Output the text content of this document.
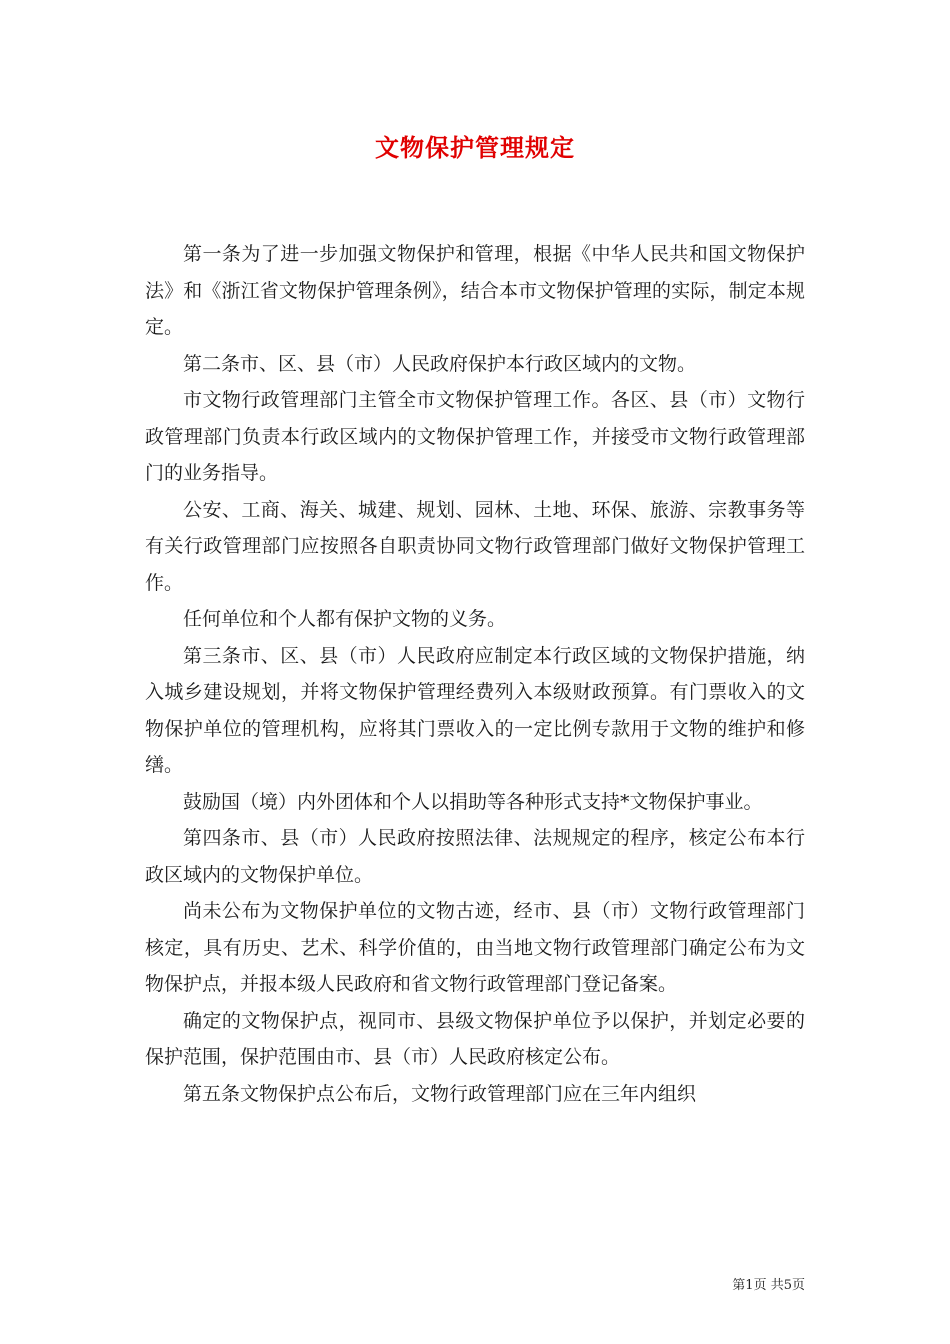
文物保护管理规定

第一条为了进一步加强文物保护和管理，根据《中华人民共和国文物保护法》和《浙江省文物保护管理条例》，结合本市文物保护管理的实际，制定本规定。

第二条市、区、县（市）人民政府保护本行政区域内的文物。

市文物行政管理部门主管全市文物保护管理工作。各区、县（市）文物行政管理部门负责本行政区域内的文物保护管理工作，并接受市文物行政管理部门的业务指导。

公安、工商、海关、城建、规划、园林、土地、环保、旅游、宗教事务等有关行政管理部门应按照各自职责协同文物行政管理部门做好文物保护管理工作。

任何单位和个人都有保护文物的义务。

第三条市、区、县（市）人民政府应制定本行政区域的文物保护措施，纳入城乡建设规划，并将文物保护管理经费列入本级财政预算。有门票收入的文物保护单位的管理机构，应将其门票收入的一定比例专款用于文物的维护和修缮。

鼓励国（境）内外团体和个人以捐助等各种形式支持*文物保护事业。

第四条市、县（市）人民政府按照法律、法规规定的程序，核定公布本行政区域内的文物保护单位。

尚未公布为文物保护单位的文物古迹，经市、县（市）文物行政管理部门核定，具有历史、艺术、科学价值的，由当地文物行政管理部门确定公布为文物保护点，并报本级人民政府和省文物行政管理部门登记备案。

确定的文物保护点，视同市、县级文物保护单位予以保护，并划定必要的保护范围，保护范围由市、县（市）人民政府核定公布。

第五条文物保护点公布后，文物行政管理部门应在三年内组织

第1页 共5页
